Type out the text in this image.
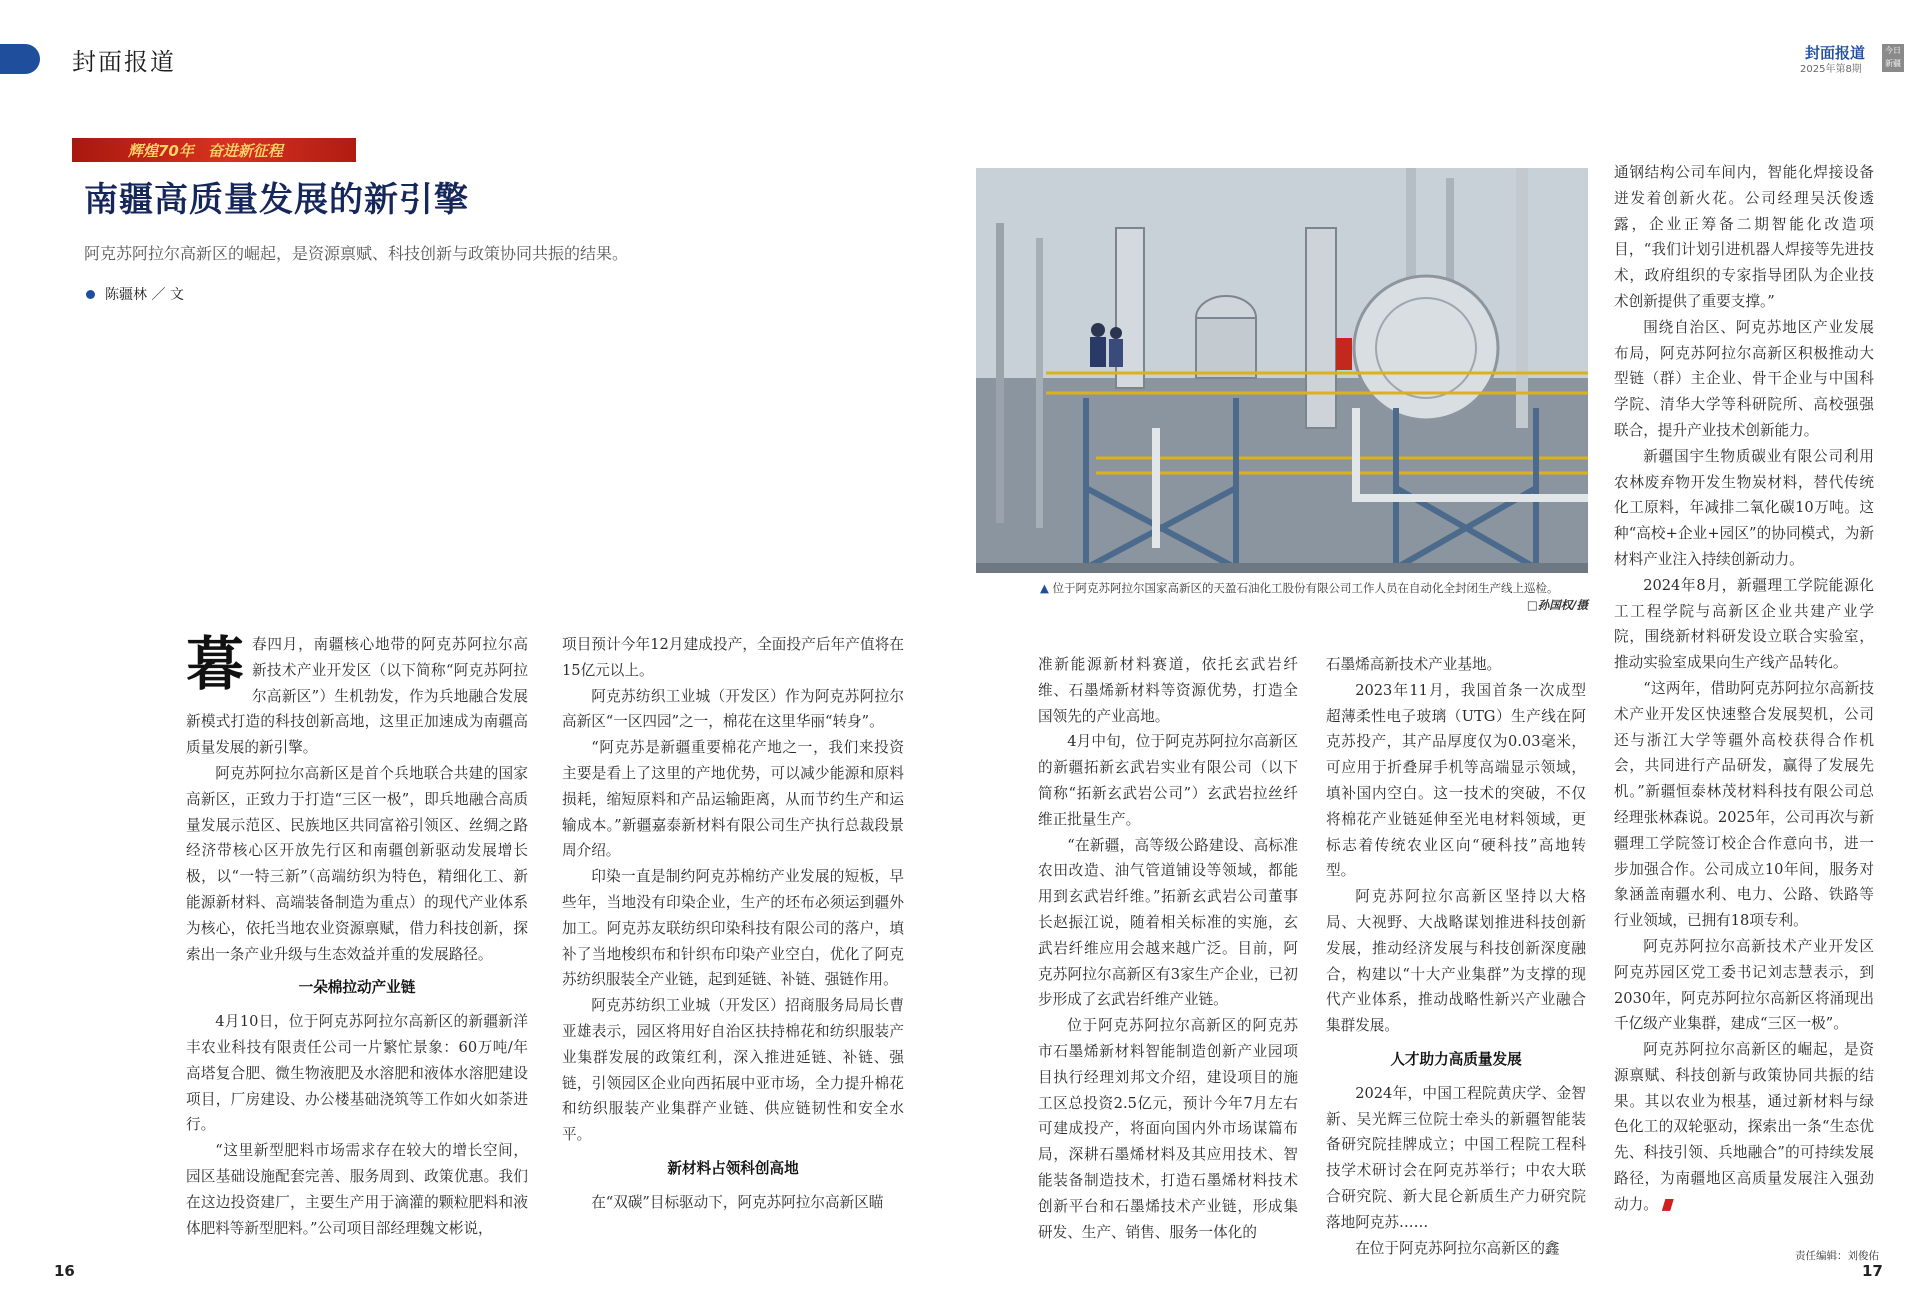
封面报道	封面报道
2025年第8期
今日
新疆
辉煌70年 奋进新征程
南疆高质量发展的新引擎
阿克苏阿拉尔高新区的崛起，是资源禀赋、科技创新与政策协同共振的结果。
陈疆林 ／ 文
▲ 位于阿克苏阿拉尔国家高新区的天盈石油化工股份有限公司工作人员在自动化全封闭生产线上巡检。
□孙国权/摄
暮 春四月，南疆核心地带的阿克苏阿拉尔高新技术产业开发区（以下简称“阿克苏阿拉尔高新区”）生机勃发，作为兵地融合发展新模式打造的科技创新高地，这里正加速成为南疆高质量发展的新引擎。

阿克苏阿拉尔高新区是首个兵地联合共建的国家高新区，正致力于打造“三区一极”，即兵地融合高质量发展示范区、民族地区共同富裕引领区、丝绸之路经济带核心区开放先行区和南疆创新驱动发展增长极，以“一特三新”（高端纺织为特色，精细化工、新能源新材料、高端装备制造为重点）的现代产业体系为核心，依托当地农业资源禀赋，借力科技创新，探索出一条产业升级与生态效益并重的发展路径。

一朵棉拉动产业链

4月10日，位于阿克苏阿拉尔高新区的新疆新洋丰农业科技有限责任公司一片繁忙景象：60万吨/年高塔复合肥、微生物液肥及水溶肥和液体水溶肥建设项目，厂房建设、办公楼基础浇筑等工作如火如荼进行。

“这里新型肥料市场需求存在较大的增长空间，园区基础设施配套完善、服务周到、政策优惠。我们在这边投资建厂，主要生产用于滴灌的颗粒肥料和液体肥料等新型肥料。”公司项目部经理魏文彬说，

项目预计今年12月建成投产，全面投产后年产值将在15亿元以上。

阿克苏纺织工业城（开发区）作为阿克苏阿拉尔高新区“一区四园”之一，棉花在这里华丽“转身”。

“阿克苏是新疆重要棉花产地之一，我们来投资主要是看上了这里的产地优势，可以减少能源和原料损耗，缩短原料和产品运输距离，从而节约生产和运输成本。”新疆嘉泰新材料有限公司生产执行总裁段景周介绍。

印染一直是制约阿克苏棉纺产业发展的短板，早些年，当地没有印染企业，生产的坯布必须运到疆外加工。阿克苏友联纺织印染科技有限公司的落户，填补了当地梭织布和针织布印染产业空白，优化了阿克苏纺织服装全产业链，起到延链、补链、强链作用。

阿克苏纺织工业城（开发区）招商服务局局长曹亚雄表示，园区将用好自治区扶持棉花和纺织服装产业集群发展的政策红利，深入推进延链、补链、强链，引领园区企业向西拓展中亚市场，全力提升棉花和纺织服装产业集群产业链、供应链韧性和安全水平。

新材料占领科创高地

在“双碳”目标驱动下，阿克苏阿拉尔高新区瞄

准新能源新材料赛道，依托玄武岩纤维、石墨烯新材料等资源优势，打造全国领先的产业高地。

4月中旬，位于阿克苏阿拉尔高新区的新疆拓新玄武岩实业有限公司（以下简称“拓新玄武岩公司”）玄武岩拉丝纤维正批量生产。

“在新疆，高等级公路建设、高标准农田改造、油气管道铺设等领域，都能用到玄武岩纤维。”拓新玄武岩公司董事长赵振江说，随着相关标准的实施，玄武岩纤维应用会越来越广泛。目前，阿克苏阿拉尔高新区有3家生产企业，已初步形成了玄武岩纤维产业链。

位于阿克苏阿拉尔高新区的阿克苏市石墨烯新材料智能制造创新产业园项目执行经理刘邦文介绍，建设项目的施工区总投资2.5亿元，预计今年7月左右可建成投产，将面向国内外市场谋篇布局，深耕石墨烯材料及其应用技术、智能装备制造技术，打造石墨烯材料技术创新平台和石墨烯技术产业链，形成集研发、生产、销售、服务一体化的

石墨烯高新技术产业基地。

2023年11月，我国首条一次成型超薄柔性电子玻璃（UTG）生产线在阿克苏投产，其产品厚度仅为0.03毫米，可应用于折叠屏手机等高端显示领域，填补国内空白。这一技术的突破，不仅将棉花产业链延伸至光电材料领域，更标志着传统农业区向“硬科技”高地转型。

阿克苏阿拉尔高新区坚持以大格局、大视野、大战略谋划推进科技创新发展，推动经济发展与科技创新深度融合，构建以“十大产业集群”为支撑的现代产业体系，推动战略性新兴产业融合集群发展。

人才助力高质量发展

2024年，中国工程院黄庆学、金智新、吴光辉三位院士牵头的新疆智能装备研究院挂牌成立；中国工程院工程科技学术研讨会在阿克苏举行；中农大联合研究院、新大昆仑新质生产力研究院落地阿克苏……

在位于阿克苏阿拉尔高新区的鑫

通钢结构公司车间内，智能化焊接设备迸发着创新火花。公司经理吴沃俊透露，企业正筹备二期智能化改造项目，“我们计划引进机器人焊接等先进技术，政府组织的专家指导团队为企业技术创新提供了重要支撑。”

围绕自治区、阿克苏地区产业发展布局，阿克苏阿拉尔高新区积极推动大型链（群）主企业、骨干企业与中国科学院、清华大学等科研院所、高校强强联合，提升产业技术创新能力。

新疆国宇生物质碳业有限公司利用农林废弃物开发生物炭材料，替代传统化工原料，年减排二氧化碳10万吨。这种“高校+企业+园区”的协同模式，为新材料产业注入持续创新动力。

2024年8月，新疆理工学院能源化工工程学院与高新区企业共建产业学院，围绕新材料研发设立联合实验室，推动实验室成果向生产线产品转化。

“这两年，借助阿克苏阿拉尔高新技术产业开发区快速整合发展契机，公司还与浙江大学等疆外高校获得合作机会，共同进行产品研发，赢得了发展先机。”新疆恒泰林茂材料科技有限公司总经理张林森说。2025年，公司再次与新疆理工学院签订校企合作意向书，进一步加强合作。公司成立10年间，服务对象涵盖南疆水利、电力、公路、铁路等行业领域，已拥有18项专利。

阿克苏阿拉尔高新技术产业开发区阿克苏园区党工委书记刘志慧表示，到2030年，阿克苏阿拉尔高新区将涌现出千亿级产业集群，建成“三区一极”。

阿克苏阿拉尔高新区的崛起，是资源禀赋、科技创新与政策协同共振的结果。其以农业为根基，通过新材料与绿色化工的双轮驱动，探索出一条“生态优先、科技引领、兵地融合”的可持续发展路径，为南疆地区高质量发展注入强劲动力。

16
责任编辑：刘俊佑
17
